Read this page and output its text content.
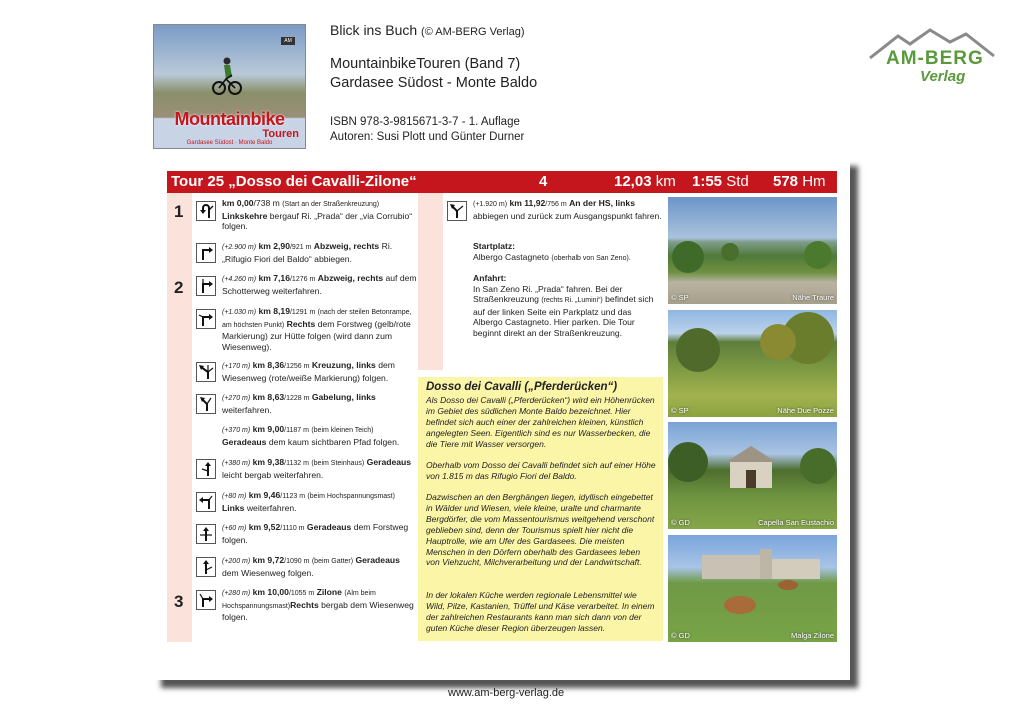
AM
Mountainbike
Touren
Gardasee Südost · Monte Baldo
Blick ins Buch (© AM-BERG Verlag)
MountainbikeTouren (Band 7)
Gardasee Südost - Monte Baldo
ISBN 978-3-9815671-3-7 - 1. Auflage
Autoren: Susi Plott und Günter Durner
AM-BERG
Verlag
Tour 25 „Dosso dei Cavalli-Zilone“	4	12,03 km 1:55 Std 578 Hm
1
2
3
km 0,00/738 m (Start an der Straßenkreuzung) Linkskehre bergauf Ri. „Prada“ der „via Corrubio“ folgen.
(+2.900 m) km 2,90/921 m Abzweig, rechts Ri. „Rifugio Fiori del Baldo“ abbiegen.
(+4.260 m) km 7,16/1276 m Abzweig, rechts auf dem Schotterweg weiterfahren.
(+1.030 m) km 8,19/1291 m (nach der steilen Betonrampe, am höchsten Punkt) Rechts dem Forstweg (gelb/rote Markierung) zur Hütte folgen (wird dann zum Wiesenweg).
(+170 m) km 8,36/1256 m Kreuzung, links dem Wiesenweg (rote/weiße Markierung) folgen.
(+270 m) km 8,63/1228 m Gabelung, links weiterfahren.
(+370 m) km 9,00/1187 m (beim kleinen Teich) Geradeaus dem kaum sichtbaren Pfad folgen.
(+380 m) km 9,38/1132 m (beim Steinhaus) Geradeaus leicht bergab weiterfahren.
(+80 m) km 9,46/1123 m (beim Hochspannungsmast) Links weiterfahren.
(+60 m) km 9,52/1110 m Geradeaus dem Forstweg folgen.
(+200 m) km 9,72/1090 m (beim Gatter) Geradeaus dem Wiesenweg folgen.
(+280 m) km 10,00/1055 m Zilone (Alm beim Hochspannungsmast)Rechts bergab dem Wiesenweg folgen.
(+1.920 m) km 11,92/756 m An der HS, links abbiegen und zurück zum Ausgangspunkt fahren.
Startplatz:
Albergo Castagneto (oberhalb von San Zeno).
Anfahrt:
In San Zeno Ri. „Prada“ fahren. Bei der Straßenkreuzung (rechts Ri. „Lumini“) befindet sich auf der linken Seite ein Parkplatz und das Albergo Castagneto. Hier parken. Die Tour beginnt direkt an der Straßenkreuzung.
Dosso dei Cavalli („Pferderücken“)
Als Dosso dei Cavalli („Pferderücken“) wird ein Höhenrücken im Gebiet des südlichen Monte Baldo bezeichnet. Hier befindet sich auch einer der zahlreichen kleinen, künstlich angelegten Seen. Eigentlich sind es nur Wasserbecken, die die Tiere mit Wasser versorgen.
Oberhalb vom Dosso dei Cavalli befindet sich auf einer Höhe von 1.815 m das Rifugio Fiori del Baldo.
Dazwischen an den Berghängen liegen, idyllisch eingebettet in Wälder und Wiesen, viele kleine, uralte und charmante Bergdörfer, die vom Massentourismus weitgehend verschont geblieben sind, denn der Tourismus spielt hier nicht die Hauptrolle, wie am Ufer des Gardasees. Die meisten Menschen in den Dörfern oberhalb des Gardasees leben von Viehzucht, Milchverarbeitung und der Landwirtschaft.
In der lokalen Küche werden regionale Lebensmittel wie Wild, Pilze, Kastanien, Trüffel und Käse verarbeitet. In einem der zahlreichen Restaurants kann man sich dann von der guten Küche dieser Region überzeugen lassen.
© SP	Nähe Traure
© SP	Nähe Due Pozze
© GD	Capella San Eustachio
© GD	Malga Zilone
www.am-berg-verlag.de
